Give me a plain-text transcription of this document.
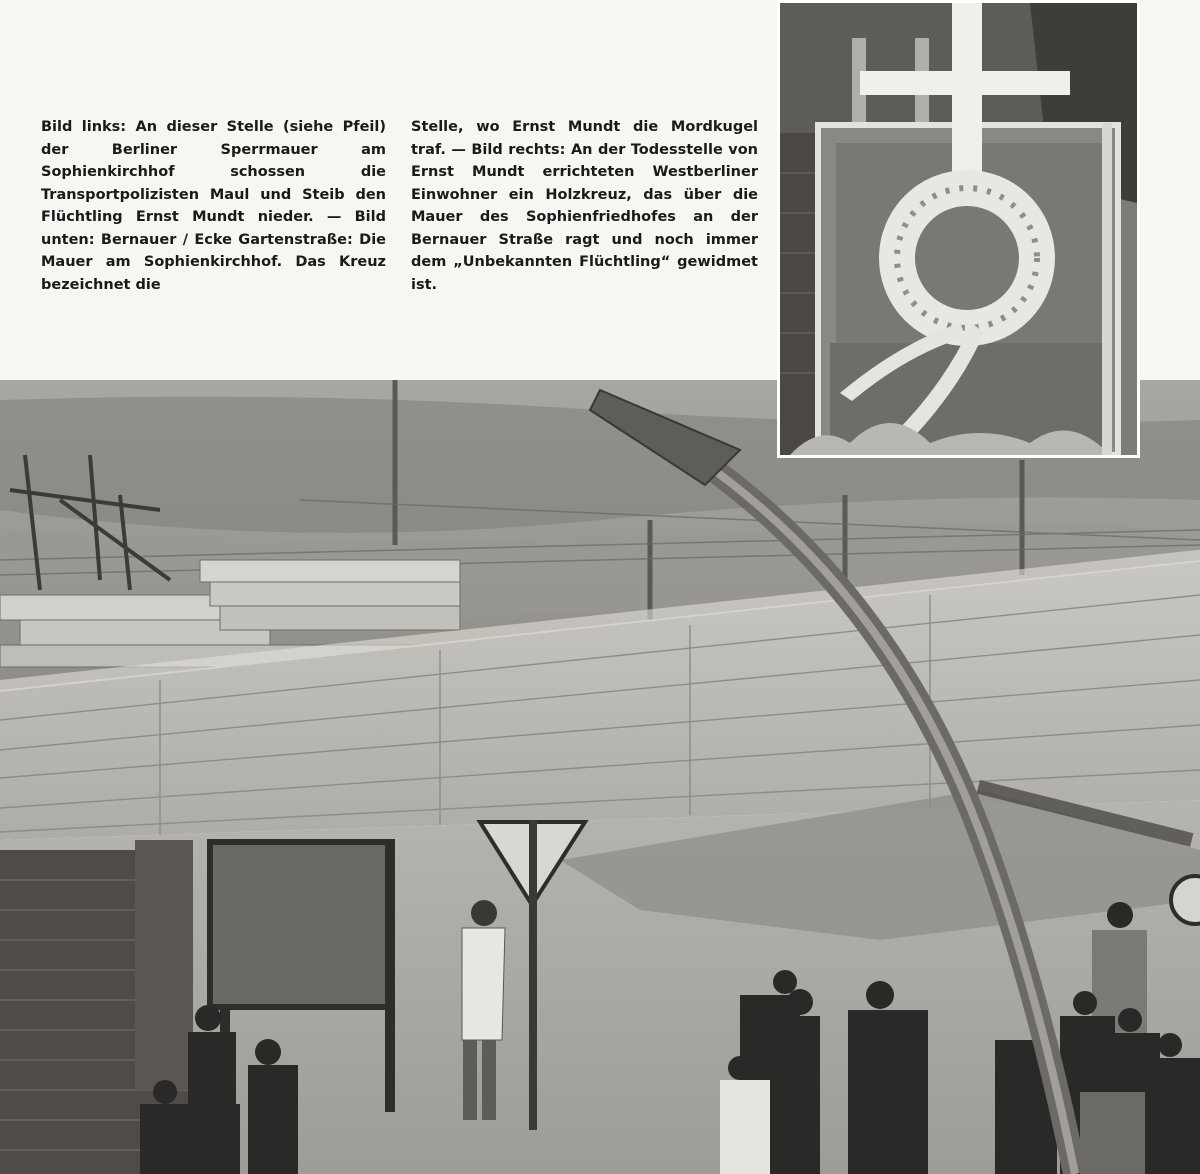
Bild links: An dieser Stelle (siehe Pfeil) der Berliner Sperrmauer am Sophienkirchhof schossen die Transportpolizisten Maul und Steib den Flüchtling Ernst Mundt nieder. — Bild unten: Bernauer / Ecke Gartenstraße: Die Mauer am Sophienkirchhof. Das Kreuz bezeichnet die
Stelle, wo Ernst Mundt die Mordkugel traf. — Bild rechts: An der Todesstelle von Ernst Mundt errichteten Westberliner Einwohner ein Holzkreuz, das über die Mauer des Sophienfriedhofes an der Bernauer Straße ragt und noch immer dem „Unbekannten Flüchtling“ gewidmet ist.
